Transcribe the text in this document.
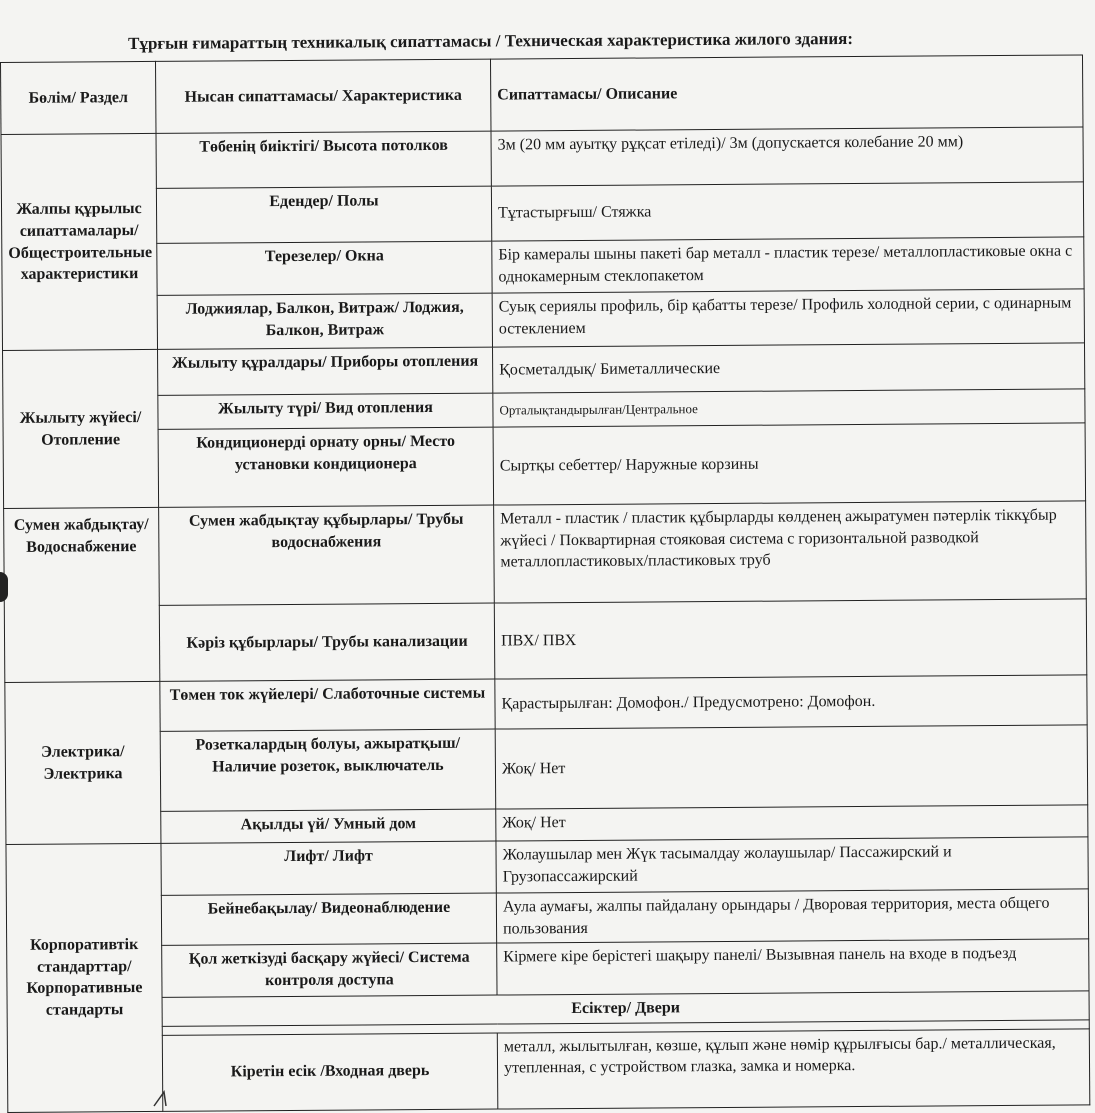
Тұрғын ғимараттың техникалық сипаттамасы / Техническая характеристика жилого здания:
Бөлім/ Раздел	Нысан сипаттамасы/ Характеристика	Сипаттамасы/ Описание
Жалпы құрылыс сипаттамалары/ Общестроительные характеристики	Төбенің биіктігі/ Высота потолков	3м (20 мм ауытқу рұқсат етіледі)/ 3м (допускается колебание 20 мм)
	Едендер/ Полы	Тұтастырғыш/ Стяжка
	Терезелер/ Окна	Бір камералы шыны пакеті бар металл - пластик терезе/ металлопластиковые окна с однокамерным стеклопакетом
	Лоджиялар, Балкон, Витраж/ Лоджия, Балкон, Витраж	Суық сериялы профиль, бір қабатты терезе/ Профиль холодной серии, с одинарным остеклением
Жылыту жүйесі/ Отопление	Жылыту құралдары/ Приборы отопления	Қосметалдық/ Биметаллические
	Жылыту түрі/ Вид отопления	Орталықтандырылған/Центральное
	Кондиционерді орнату орны/ Место установки кондиционера	Сыртқы себеттер/ Наружные корзины
Сумен жабдықтау/ Водоснабжение	Сумен жабдықтау құбырлары/ Трубы водоснабжения	Металл - пластик / пластик құбырларды көлденең ажыратумен пәтерлік тіккұбыр жүйесі / Поквартирная стояковая система с горизонтальной разводкой металлопластиковых/пластиковых труб
	Кәріз құбырлары/ Трубы канализации	ПВХ/ ПВХ
Электрика/ Электрика	Төмен ток жүйелері/ Слаботочные системы	Қарастырылған: Домофон./ Предусмотрено: Домофон.
	Розеткалардың болуы, ажыратқыш/ Наличие розеток, выключатель	Жоқ/ Нет
	Ақылды үй/ Умный дом	Жоқ/ Нет
Корпоративтік стандарттар/ Корпоративные стандарты	Лифт/ Лифт	Жолаушылар мен Жүк тасымалдау жолаушылар/ Пассажирский и Грузопассажирский
	Бейнебақылау/ Видеонаблюдение	Аула аумағы, жалпы пайдалану орындары / Дворовая территория, места общего пользования
	Қол жеткізуді басқару жүйесі/ Система контроля доступа	Кірмеге кіре берістегі шақыру панелі/ Вызывная панель на входе в подъезд
	Есіктер/ Двери	

	Кіретін есік /Входная дверь	металл, жылытылған, көзше, құлып және нөмір құрылғысы бар./ металлическая, утепленная, с устройством глазка, замка и номерка.
